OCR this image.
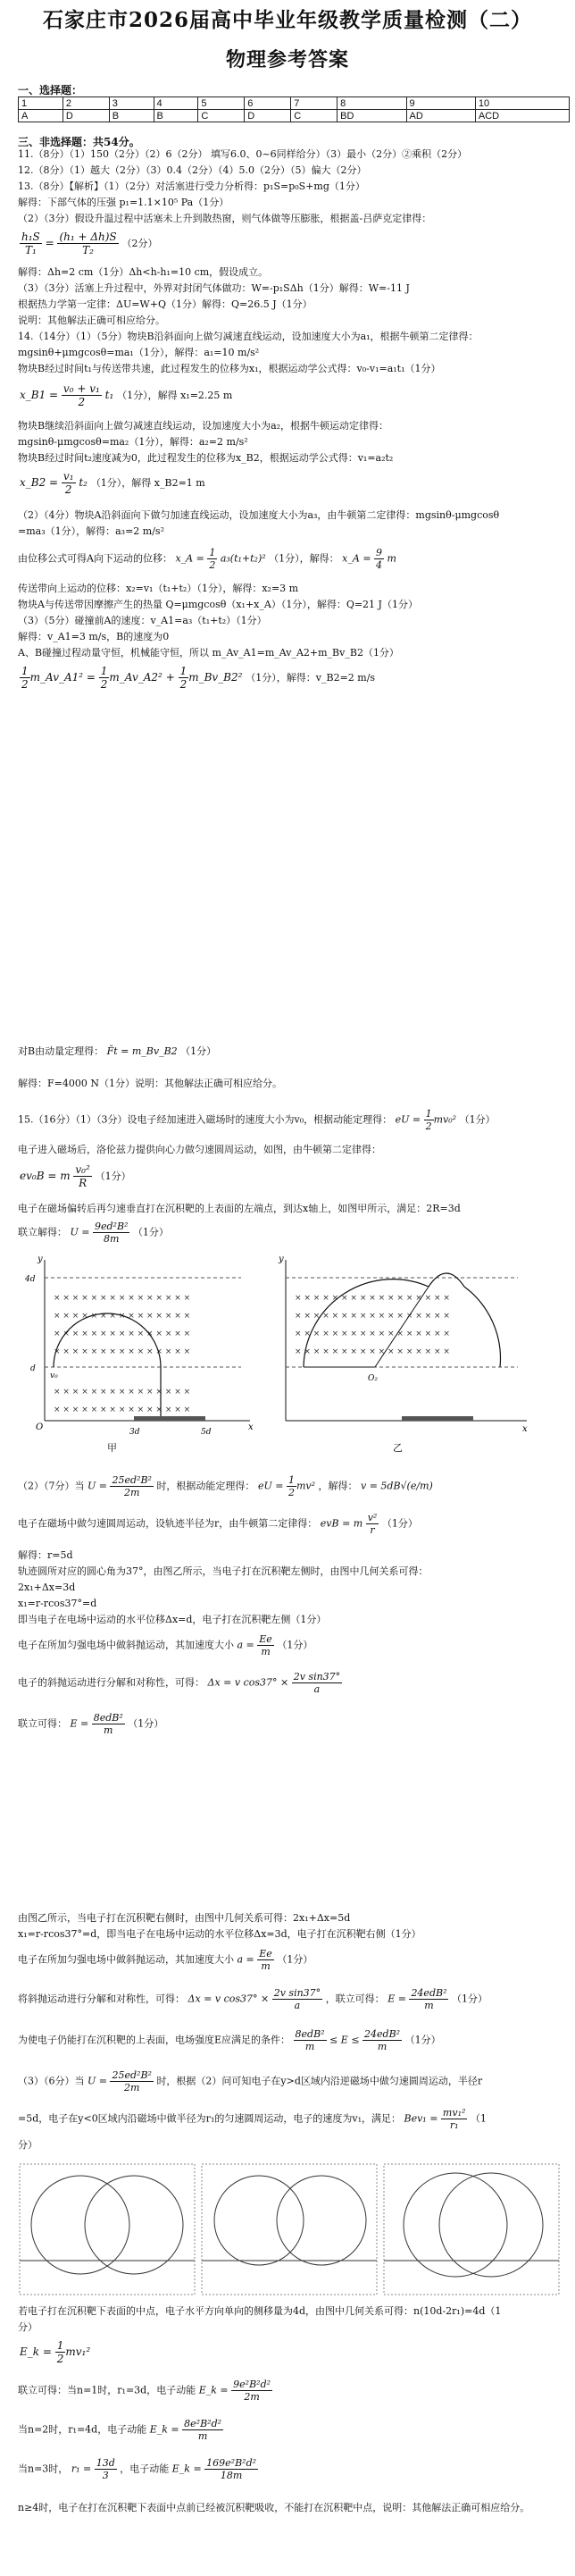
石家庄市2026届高中毕业年级教学质量检测（二）
物理参考答案
一、选择题：
1	2	3	4	5	6	7	8	9	10
A	D	B	B	C	D	C	BD	AD	ACD
三、非选择题：共54分。
11.（8分）（1）150（2分）（2）6（2分） 填写6.0、0~6同样给分）（3）最小（2分）②乘积（2分）
12.（8分）（1）越大（2分）（3）0.4（2分）（4）5.0（2分）（5）偏大（2分）
13.（8分）【解析】（1）（2分）对活塞进行受力分析得：p₁S=p₀S+mg（1分）
解得：下部气体的压强 p₁=1.1×10⁵ Pa（1分）
（2）（3分）假设升温过程中活塞未上升到散热窗，则气体做等压膨胀，根据盖-吕萨克定律得：
$\frac{\text{h₁S}}{\text{T₁}} = \frac{\text{(h₁ + Δh)S}}{\text{T₂}} (2$分）
解得：Δh=2 cm（1分）Δh<h-h₁=10 cm，假设成立。
（3）（3分）活塞上升过程中，外界对封闭气体做功：W=-p₁SΔh（1分）解得：W=-11 J
根据热力学第一定律：ΔU=W+Q（1分）解得：Q=26.5 J（1分）
说明：其他解法正确可相应给分。
14.（14分）（1）（5分）物块B沿斜面向上做匀减速直线运动，设加速度大小为a₁，根据牛顿第二定律得：
mgsinθ+μmgcosθ=ma₁（1分），解得：a₁=10 m/s²
物块B经过时间t₁与传送带共速，此过程发生的位移为x₁，根据运动学公式得：v₀-v₁=a₁t₁（1分）
x_B1 = $\frac{\text{v₀ + v₁}}{2} t_1$ （1分），解得 x₁=2.25 m
物块B继续沿斜面向上做匀减速直线运动，设加速度大小为a₂，根据牛顿运动定律得：
mgsinθ-μmgcosθ=ma₂（1分），解得：a₂=2 m/s²
物块B经过时间t₂速度减为0，此过程发生的位移为x_B2，根据运动学公式得：v₁=a₂t₂
x_B2 = $\frac{\text{v₁}}{2} t_2$ （1分），解得 x_B2=1 m
（2）（4分）物块A沿斜面向下做匀加速直线运动，设加速度大小为a₃，由牛顿第二定律得：mgsinθ-μmgcosθ
=ma₃（1分），解得：a₃=2 m/s²
由位移公式可得A向下运动的位移： x_A = $\frac{1}{2} a_3(t_1+t_2)^2$ （1分），解得： x_A = $\frac{9}{4}$ m
传送带向上运动的位移：x₂=v₁（t₁+t₂）（1分），解得：x₂=3 m
物块A与传送带因摩擦产生的热量 Q=μmgcosθ（x₁+x_A）（1分），解得：Q=21 J（1分）
（3）（5分）碰撞前A的速度：v_A1=a₃（t₁+t₂）（1分）
解得：v_A1=3 m/s，B的速度为0
A、B碰撞过程动量守恒，机械能守恒，所以 m_Av_A1=m_Av_A2+m_Bv_B2（1分）
$\frac{1}{2}$ m_Av_A1² = $\frac{1}{2}$ m_Av_A2² + $\frac{1}{2}$ m_Bv_B2² （1分），解得：v_B2=2 m/s
对B由动量定理得： F̄t = m_Bv_B2 （1分）
解得：F=4000 N（1分）说明：其他解法正确可相应给分。
15.（16分）（1）（3分）设电子经加速进入磁场时的速度大小为v₀，根据动能定理得： eU = $\frac{1}{2} mv_0^2$ （1分）
电子进入磁场后，洛伦兹力提供向心力做匀速圆周运动，如图，由牛顿第二定律得：
ev₀B = m $\frac{\text{v₀²}}{R} (1$分）
电子在磁场偏转后再匀速垂直打在沉积靶的上表面的左端点，到达x轴上，如图甲所示，满足：2R=3d
联立解得： $U = \frac{\text{9ed²B²}}{8m} (1$分）
× × × × × × × × × × × × × × ×
× × × × × × × × × × × × × × ×
× × × × × × × × × × × × × × ×
× × × × × × × × × × × × × × ×
× × × × × × × × × × × × × × ×
× × × × × × × × × × × × × × ×
y
x
O
4d
d
v₀
3d	5d
甲
× × × × × × × × × × × × × × × × ×
× × × × × × × × × × × × × × × × ×
× × × × × × × × × × × × × × × × ×
× × × × × × × × × × × × × × × × ×
y
x
O₂
乙
（2）（7分）当 $U = \frac{\text{25ed²B²}}{2m}$ 时，根据动能定理得： eU = $\frac{1}{2} mv^2$ ，解得： v = 5dB√(e/m)
电子在磁场中做匀速圆周运动，设轨迹半径为r，由牛顿第二定律得： evB = m $\frac{\text{v²}}{r} (1$分）
解得：r=5d
轨迹圆所对应的圆心角为37°，由图乙所示，当电子打在沉积靶左侧时，由图中几何关系可得：
2x₁+Δx=3d
x₁=r-rcos37°=d
即当电子在电场中运动的水平位移Δx=d，电子打在沉积靶左侧（1分）
电子在所加匀强电场中做斜抛运动，其加速度大小 $a = \frac{Ee}{m} (1$分）
电子的斜抛运动进行分解和对称性，可得： Δx = v $\cos 37^\circ \times \frac{\text{2v sin37°}}{a}$
联立可得： $E = \frac{\text{8edB²}}{m} (1$分）
由图乙所示，当电子打在沉积靶右侧时，由图中几何关系可得：2x₁+Δx=5d
x₁=r-rcos37°=d，即当电子在电场中运动的水平位移Δx=3d，电子打在沉积靶右侧（1分）
电子在所加匀强电场中做斜抛运动，其加速度大小 $a = \frac{Ee}{m} (1$分）
将斜抛运动进行分解和对称性，可得： Δx = v $\cos 37^\circ \times \frac{\text{2v sin37°}}{a}$ ，联立可得： $E = \frac{\text{24edB²}}{m} (1$分）
为使电子仍能打在沉积靶的上表面，电场强度E应满足的条件： $\frac{\text{8edB²}}{m} \le E \le \frac{\text{24edB²}}{m} (1$分）
（3）（6分）当 $U = \frac{\text{25ed²B²}}{2m}$ 时，根据（2）问可知电子在y>d区域内沿逆磁场中做匀速圆周运动，半径r
=5d，电子在y<0区域内沿磁场中做半径为r₁的匀速圆周运动，电子的速度为v₁，满足： $Bev_1 = \frac{\text{mv₁²}}{\text{r₁}} (1$
分）
若电子打在沉积靶下表面的中点，电子水平方向单向的侧移量为4d，由图中几何关系可得：n(10d-2r₁)=4d（1
分）
E_k = $\frac{1}{2} mv_1^2$
联立可得：当n=1时，r₁=3d，电子动能 E_k = $\frac{\text{9e²B²d²}}{2m}$
当n=2时，r₁=4d，电子动能 E_k = $\frac{\text{8e²B²d²}}{m}$
当n=3时， $r_1 = \frac{13d}{3}$ ，电子动能 E_k = $\frac{\text{169e²B²d²}}{18m}$
n≥4时，电子在打在沉积靶下表面中点前已经被沉积靶吸收，不能打在沉积靶中点，说明：其他解法正确可相应给分。
